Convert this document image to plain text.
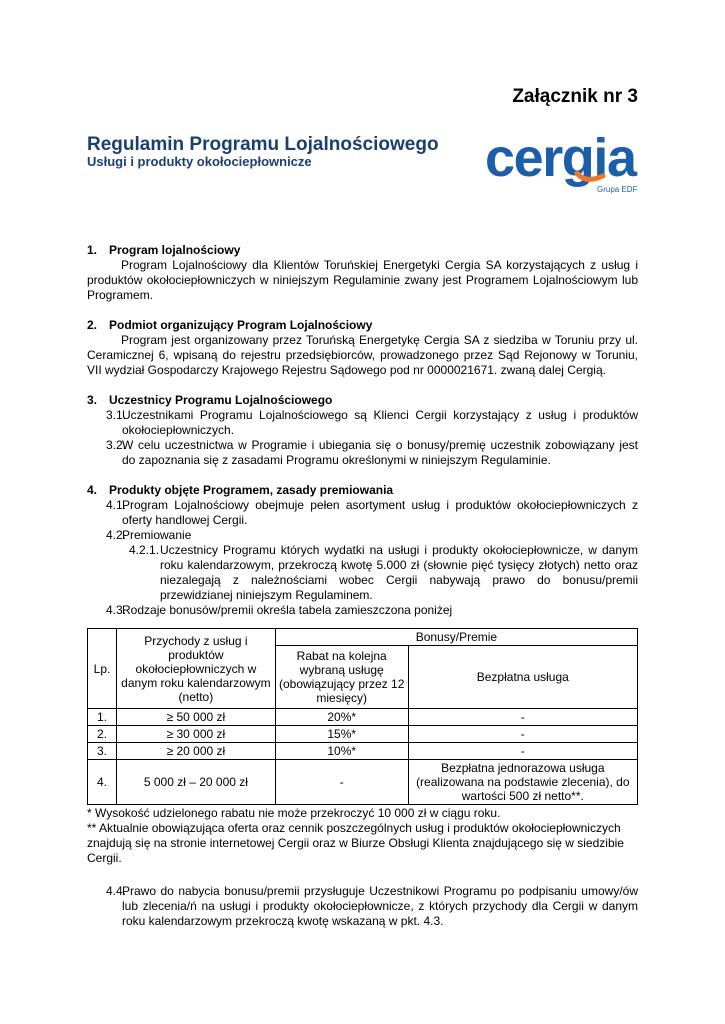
Załącznik nr 3
Regulamin Programu Lojalnościowego
Usługi i produkty okołociepłownicze	cergia
Grupa EDF
1. Program lojalnościowy
Program Lojalnościowy dla Klientów Toruńskiej Energetyki Cergia SA korzystających z usług i produktów okołociepłowniczych w niniejszym Regulaminie zwany jest Programem Lojalnościowym lub Programem.
2. Podmiot organizujący Program Lojalnościowy
Program jest organizowany przez Toruńską Energetykę Cergia SA z siedziba w Toruniu przy ul. Ceramicznej 6, wpisaną do rejestru przedsiębiorców, prowadzonego przez Sąd Rejonowy w Toruniu, VII wydział Gospodarczy Krajowego Rejestru Sądowego pod nr 0000021671. zwaną dalej Cergią.
3. Uczestnicy Programu Lojalnościowego
3.1.
Uczestnikami Programu Lojalnościowego są Klienci Cergii korzystający z usług i produktów okołociepłowniczych.
3.2.
W celu uczestnictwa w Programie i ubiegania się o bonusy/premię uczestnik zobowiązany jest do zapoznania się z zasadami Programu określonymi w niniejszym Regulaminie.
4. Produkty objęte Programem, zasady premiowania
4.1.
Program Lojalnościowy obejmuje pełen asortyment usług i produktów okołociepłowniczych z oferty handlowej Cergii.
4.2.
Premiowanie
4.2.1. Uczestnicy Programu których wydatki na usługi i produkty okołociepłownicze, w danym roku kalendarzowym, przekroczą kwotę 5.000 zł (słownie pięć tysięcy złotych) netto oraz niezalegają z należnościami wobec Cergii nabywają prawo do bonusu/premii przewidzianej niniejszym Regulaminem.
4.3.
Rodzaje bonusów/premii określa tabela zamieszczona poniżej
Lp.	Przychody z usług i produktów okołociepłowniczych w danym roku kalendarzowym (netto)	Bonusy/Premie	
		Rabat na kolejna wybraną usługę (obowiązujący przez 12 miesięcy)	Bezpłatna usługa
1.	≥ 50 000 zł	20%*	-
2.	≥ 30 000 zł	15%*	-
3.	≥ 20 000 zł	10%*	-
4.	5 000 zł – 20 000 zł	-	Bezpłatna jednorazowa usługa (realizowana na podstawie zlecenia), do wartości 500 zł netto**.
* Wysokość udzielonego rabatu nie może przekroczyć 10 000 zł w ciągu roku.
** Aktualnie obowiązująca oferta oraz cennik poszczególnych usług i produktów okołociepłowniczych znajdują się na stronie internetowej Cergii oraz w Biurze Obsługi Klienta znajdującego się w siedzibie Cergii.
4.4.
Prawo do nabycia bonusu/premii przysługuje Uczestnikowi Programu po podpisaniu umowy/ów lub zlecenia/ń na usługi i produkty okołociepłownicze, z których przychody dla Cergii w danym roku kalendarzowym przekroczą kwotę wskazaną w pkt. 4.3.
